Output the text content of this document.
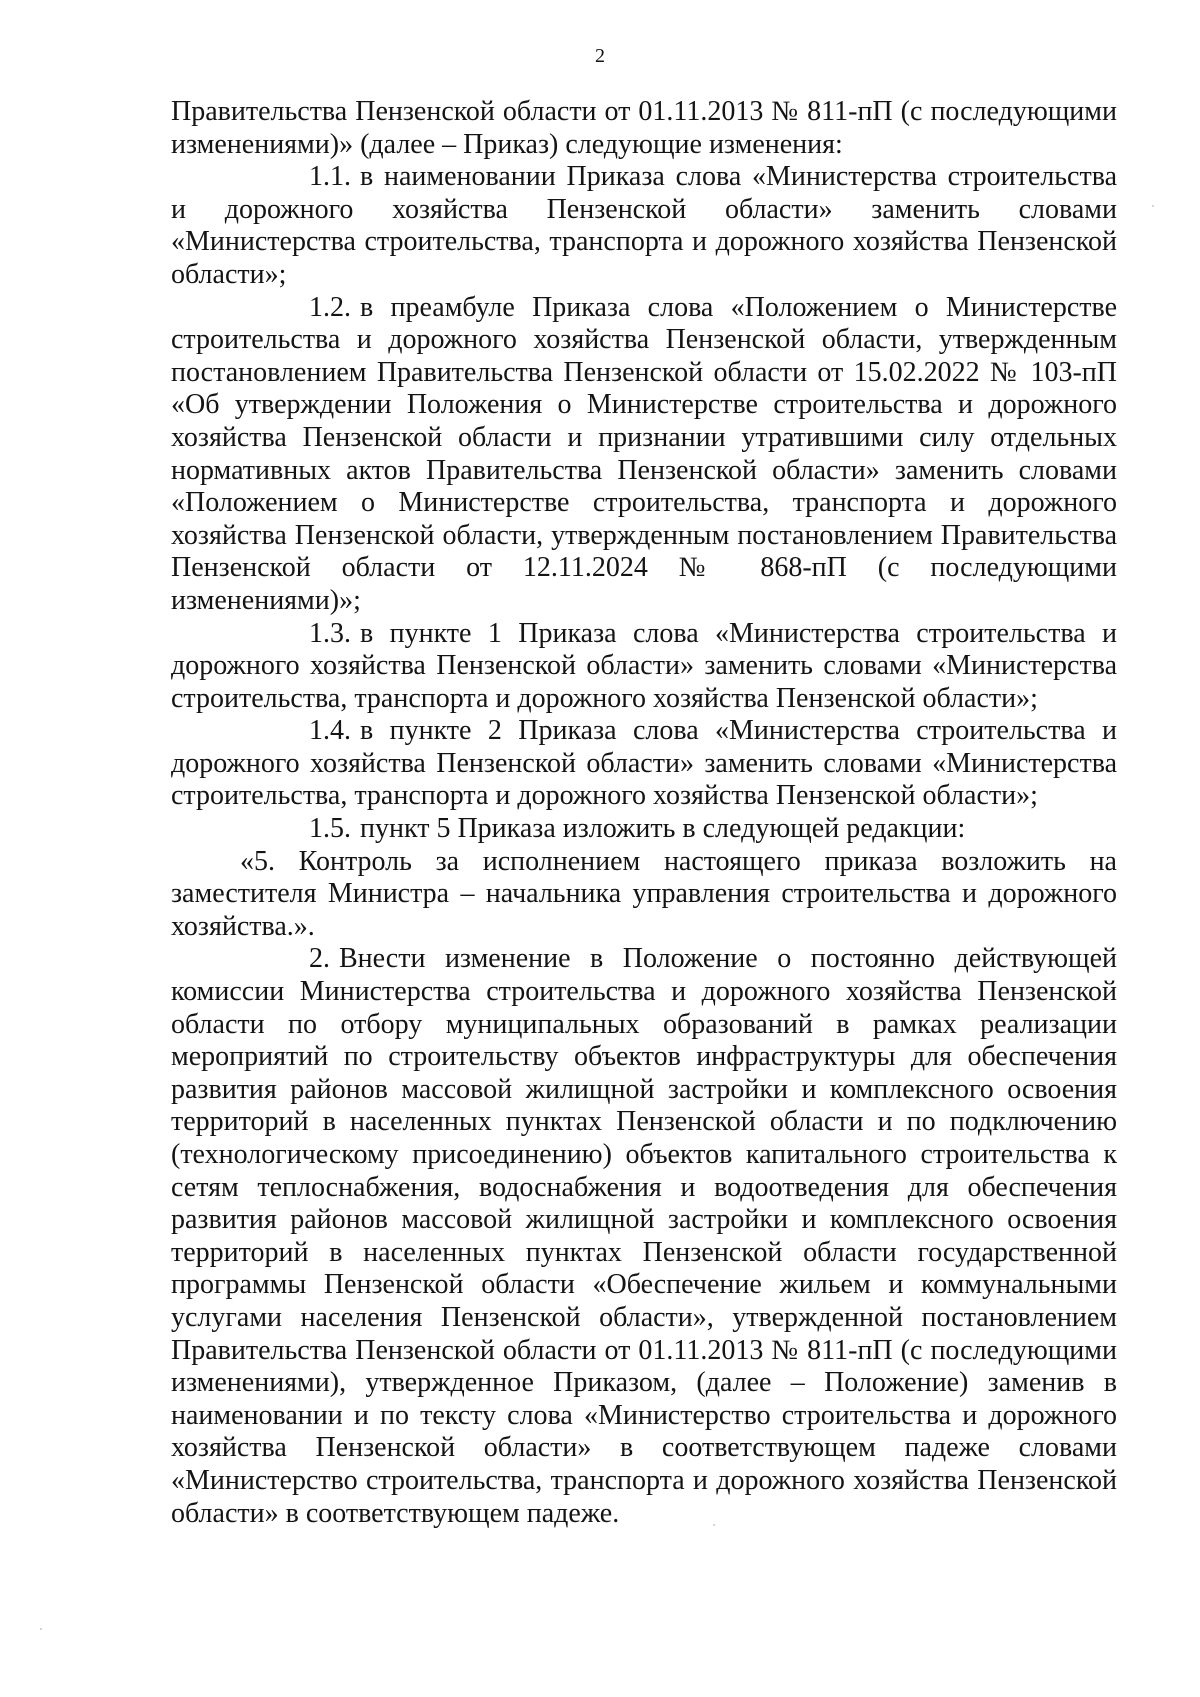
2

Правительства Пензенской области от 01.11.2013 № 811-пП (с последующими изменениями)» (далее – Приказ) следующие изменения:

1.1. в наименовании Приказа слова «Министерства строительства и дорожного хозяйства Пензенской области» заменить словами «Министерства строительства, транспорта и дорожного хозяйства Пензенской области»;

1.2. в преамбуле Приказа слова «Положением о Министерстве строительства и дорожного хозяйства Пензенской области, утвержденным постановлением Правительства Пензенской области от 15.02.2022 № 103-пП «Об утверждении Положения о Министерстве строительства и дорожного хозяйства Пензенской области и признании утратившими силу отдельных нормативных актов Правительства Пензенской области» заменить словами «Положением о Министерстве строительства, транспорта и дорожного хозяйства Пензенской области, утвержденным постановлением Правительства Пензенской области от 12.11.2024 № 868-пП (с последующими изменениями)»;

1.3. в пункте 1 Приказа слова «Министерства строительства и дорожного хозяйства Пензенской области» заменить словами «Министерства строительства, транспорта и дорожного хозяйства Пензенской области»;

1.4. в пункте 2 Приказа слова «Министерства строительства и дорожного хозяйства Пензенской области» заменить словами «Министерства строительства, транспорта и дорожного хозяйства Пензенской области»;

1.5. пункт 5 Приказа изложить в следующей редакции:

«5. Контроль за исполнением настоящего приказа возложить на заместителя Министра – начальника управления строительства и дорожного хозяйства.».

2. Внести изменение в Положение о постоянно действующей комиссии Министерства строительства и дорожного хозяйства Пензенской области по отбору муниципальных образований в рамках реализации мероприятий по строительству объектов инфраструктуры для обеспечения развития районов массовой жилищной застройки и комплексного освоения территорий в населенных пунктах Пензенской области и по подключению (технологическому присоединению) объектов капитального строительства к сетям теплоснабжения, водоснабжения и водоотведения для обеспечения развития районов массовой жилищной застройки и комплексного освоения территорий в населенных пунктах Пензенской области государственной программы Пензенской области «Обеспечение жильем и коммунальными услугами населения Пензенской области», утвержденной постановлением Правительства Пензенской области от 01.11.2013 № 811-пП (с последующими изменениями), утвержденное Приказом, (далее – Положение) заменив в наименовании и по тексту слова «Министерство строительства и дорожного хозяйства Пензенской области» в соответствующем падеже словами «Министерство строительства, транспорта и дорожного хозяйства Пензенской области» в соответствующем падеже.
